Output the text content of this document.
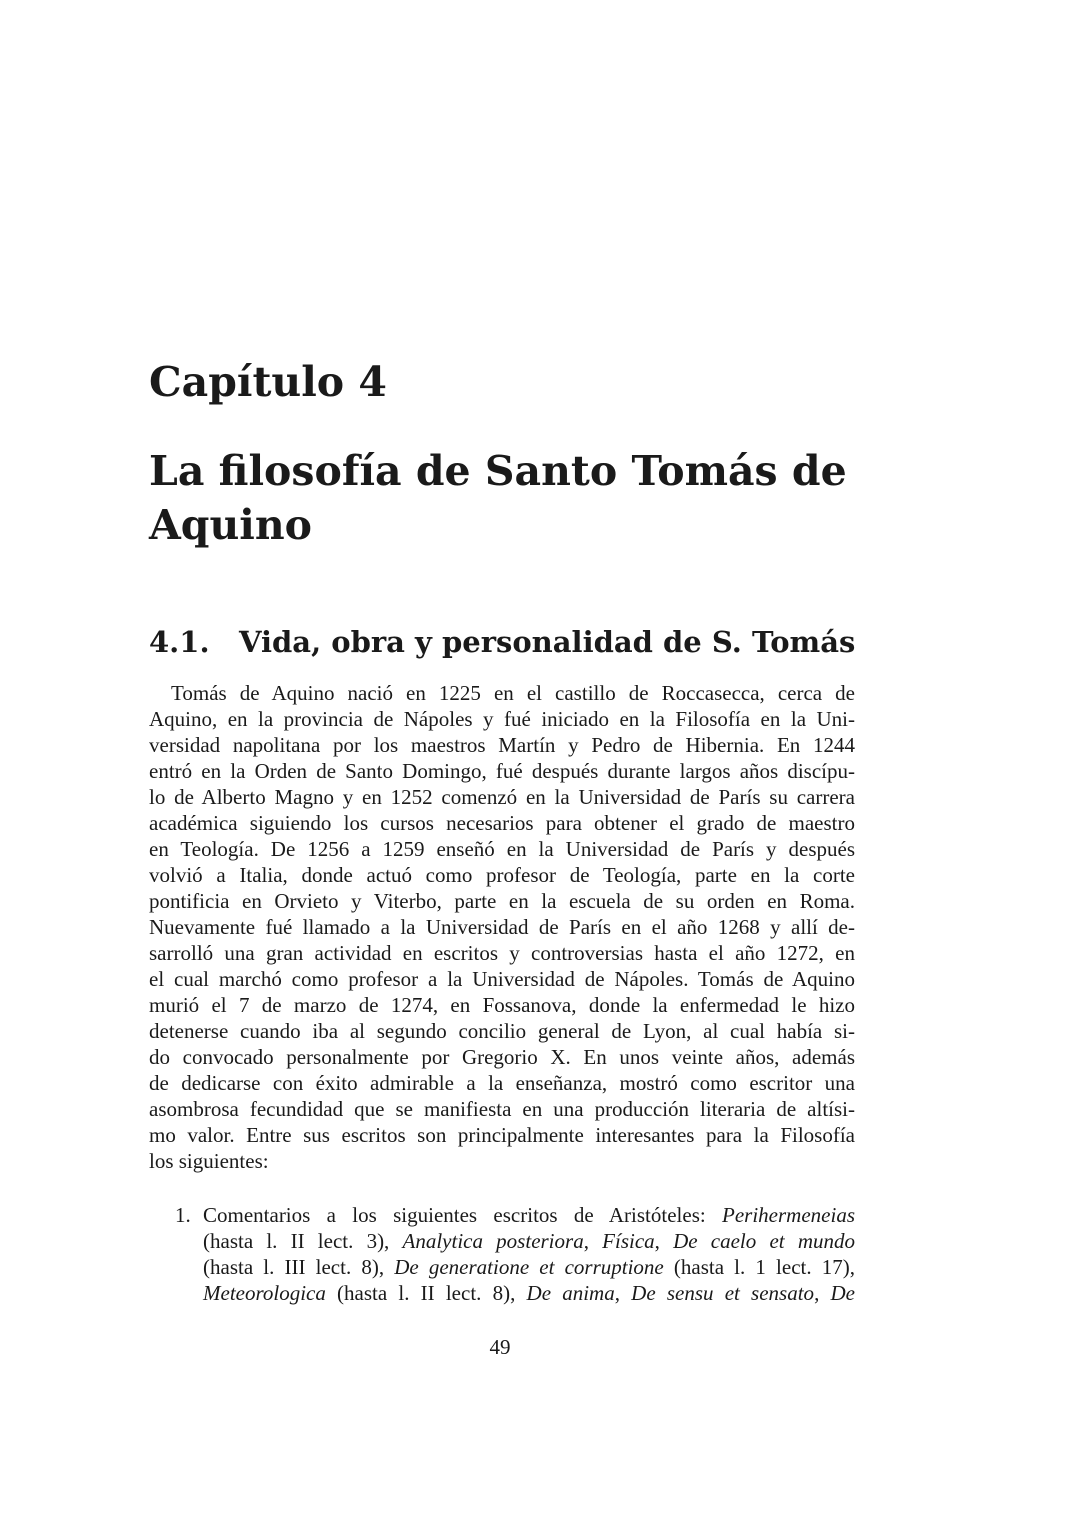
Capítulo 4
La filosofía de Santo Tomás de Aquino
4.1. Vida, obra y personalidad de S. Tomás
Tomás de Aquino nació en 1225 en el castillo de Roccasecca, cerca de
Aquino, en la provincia de Nápoles y fué iniciado en la Filosofía en la Uni-
versidad napolitana por los maestros Martín y Pedro de Hibernia. En 1244
entró en la Orden de Santo Domingo, fué después durante largos años discípu-
lo de Alberto Magno y en 1252 comenzó en la Universidad de París su carrera
académica siguiendo los cursos necesarios para obtener el grado de maestro
en Teología. De 1256 a 1259 enseñó en la Universidad de París y después
volvió a Italia, donde actuó como profesor de Teología, parte en la corte
pontificia en Orvieto y Viterbo, parte en la escuela de su orden en Roma.
Nuevamente fué llamado a la Universidad de París en el año 1268 y allí de-
sarrolló una gran actividad en escritos y controversias hasta el año 1272, en
el cual marchó como profesor a la Universidad de Nápoles. Tomás de Aquino
murió el 7 de marzo de 1274, en Fossanova, donde la enfermedad le hizo
detenerse cuando iba al segundo concilio general de Lyon, al cual había si-
do convocado personalmente por Gregorio X. En unos veinte años, además
de dedicarse con éxito admirable a la enseñanza, mostró como escritor una
asombrosa fecundidad que se manifiesta en una producción literaria de altísi-
mo valor. Entre sus escritos son principalmente interesantes para la Filosofía
los siguientes:
1. Comentarios a los siguientes escritos de Aristóteles: Perihermeneias
(hasta l. II lect. 3), Analytica posteriora, Física, De caelo et mundo
(hasta l. III lect. 8), De generatione et corruptione (hasta l. 1 lect. 17),
Meteorologica (hasta l. II lect. 8), De anima, De sensu et sensato, De
49
